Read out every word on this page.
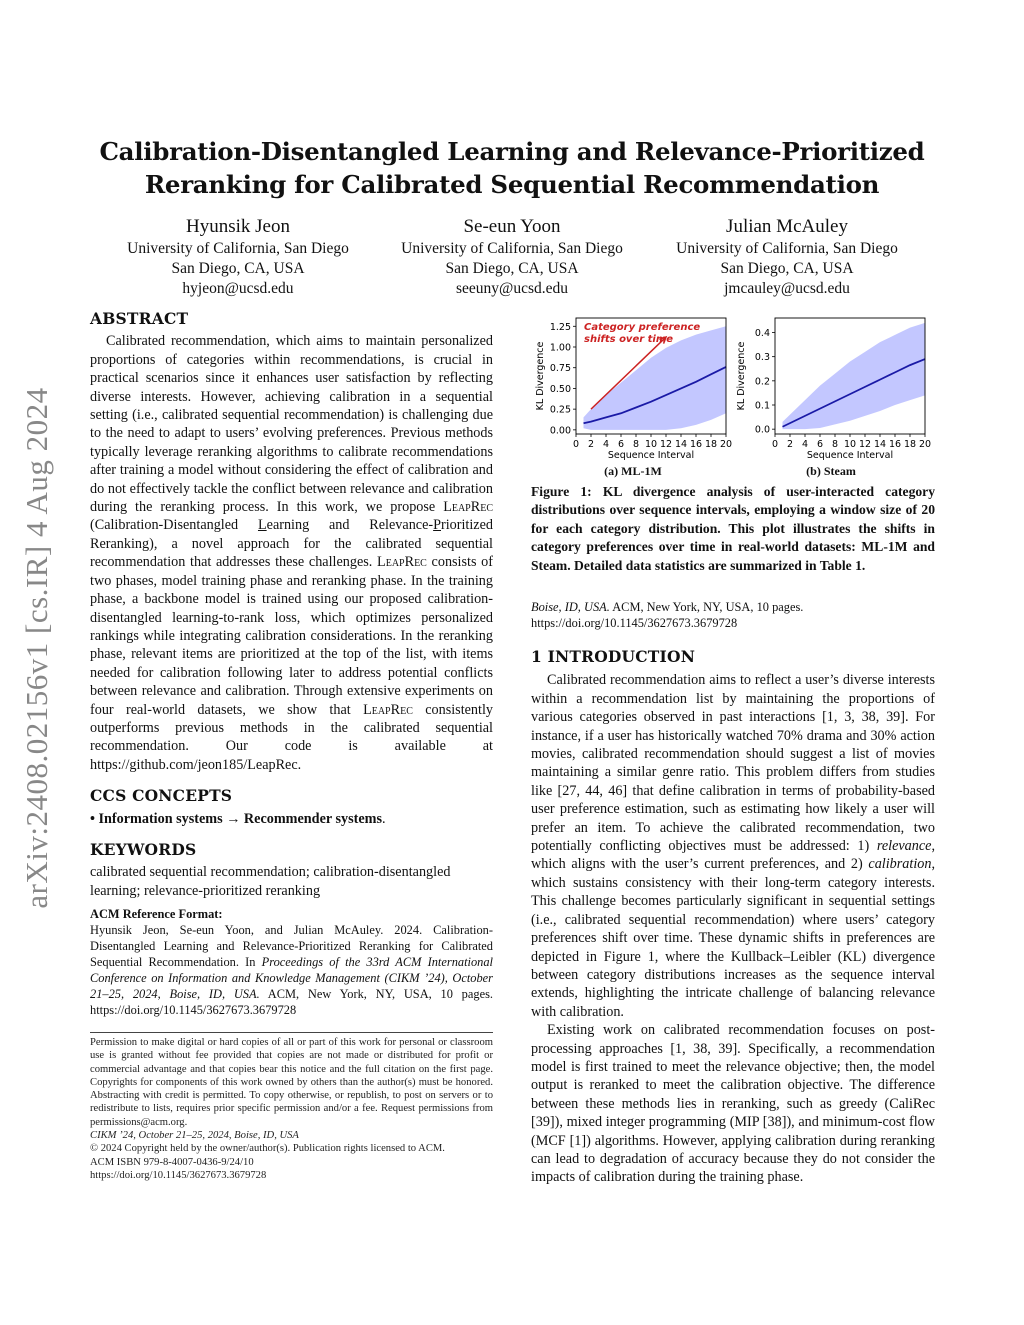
arXiv:2408.02156v1 [cs.IR] 4 Aug 2024
Calibration-Disentangled Learning and Relevance-Prioritized
Reranking for Calibrated Sequential Recommendation
Hyunsik Jeon
University of California, San Diego
San Diego, CA, USA
hyjeon@ucsd.edu
Se-eun Yoon
University of California, San Diego
San Diego, CA, USA
seeuny@ucsd.edu
Julian McAuley
University of California, San Diego
San Diego, CA, USA
jmcauley@ucsd.edu
ABSTRACT

Calibrated recommendation, which aims to maintain personalized proportions of categories within recommendations, is crucial in practical scenarios since it enhances user satisfaction by reflecting diverse interests. However, achieving calibration in a sequential setting (i.e., calibrated sequential recommendation) is challenging due to the need to adapt to users’ evolving preferences. Previous methods typically leverage reranking algorithms to calibrate recommendations after training a model without considering the effect of calibration and do not effectively tackle the conflict between relevance and calibration during the reranking process. In this work, we propose LeapRec (Calibration-Disentangled Learning and Relevance-Prioritized Reranking), a novel approach for the calibrated sequential recommendation that addresses these challenges. LeapRec consists of two phases, model training phase and reranking phase. In the training phase, a backbone model is trained using our proposed calibration-disentangled learning-to-rank loss, which optimizes personalized rankings while integrating calibration considerations. In the reranking phase, relevant items are prioritized at the top of the list, with items needed for calibration following later to address potential conflicts between relevance and calibration. Through extensive experiments on four real-world datasets, we show that LeapRec consistently outperforms previous methods in the calibrated sequential recommendation. Our code is available at https://github.com/jeon185/LeapRec.

CCS CONCEPTS

• Information systems → Recommender systems.

KEYWORDS

calibrated sequential recommendation; calibration-disentangled learning; relevance-prioritized reranking

ACM Reference Format:
Hyunsik Jeon, Se-eun Yoon, and Julian McAuley. 2024. Calibration-Disentangled Learning and Relevance-Prioritized Reranking for Calibrated Sequential Recommendation. In Proceedings of the 33rd ACM International Conference on Information and Knowledge Management (CIKM ’24), October 21–25, 2024, Boise, ID, USA. ACM, New York, NY, USA, 10 pages. https://doi.org/10.1145/3627673.3679728
Permission to make digital or hard copies of all or part of this work for personal or classroom use is granted without fee provided that copies are not made or distributed for profit or commercial advantage and that copies bear this notice and the full citation on the first page. Copyrights for components of this work owned by others than the author(s) must be honored. Abstracting with credit is permitted. To copy otherwise, or republish, to post on servers or to redistribute to lists, requires prior specific permission and/or a fee. Request permissions from permissions@acm.org.
CIKM ’24, October 21–25, 2024, Boise, ID, USA
© 2024 Copyright held by the owner/author(s). Publication rights licensed to ACM.
ACM ISBN 979-8-4007-0436-9/24/10
https://doi.org/10.1145/3627673.3679728
0.00
0.25
0.50
0.75
1.00
1.25
0 2 4 6 8 10 12 14 16 18 20
Sequence Interval
KL Divergence
Category preference
shifts over time
0.0
0.1
0.2
0.3
0.4
0 2 4 6 8 10 12 14 16 18 20
Sequence Interval
KL Divergence
(a) ML-1M	(b) Steam
Figure 1: KL divergence analysis of user-interacted category distributions over sequence intervals, employing a window size of 20 for each category distribution. This plot illustrates the shifts in category preferences over time in real-world datasets: ML-1M and Steam. Detailed data statistics are summarized in Table 1.
Boise, ID, USA. ACM, New York, NY, USA, 10 pages. https://doi.org/10.1145/3627673.3679728
1 INTRODUCTION

Calibrated recommendation aims to reflect a user’s diverse interests within a recommendation list by maintaining the proportions of various categories observed in past interactions [1, 3, 38, 39]. For instance, if a user has historically watched 70% drama and 30% action movies, calibrated recommendation should suggest a list of movies maintaining a similar genre ratio. This problem differs from studies like [27, 44, 46] that define calibration in terms of probability-based user preference estimation, such as estimating how likely a user will prefer an item. To achieve the calibrated recommendation, two potentially conflicting objectives must be addressed: 1) relevance, which aligns with the user’s current preferences, and 2) calibration, which sustains consistency with their long-term category interests. This challenge becomes particularly significant in sequential settings (i.e., calibrated sequential recommendation) where users’ category preferences shift over time. These dynamic shifts in preferences are depicted in Figure 1, where the Kullback–Leibler (KL) divergence between category distributions increases as the sequence interval extends, highlighting the intricate challenge of balancing relevance with calibration.

Existing work on calibrated recommendation focuses on post-processing approaches [1, 38, 39]. Specifically, a recommendation model is first trained to meet the relevance objective; then, the model output is reranked to meet the calibration objective. The difference between these methods lies in reranking, such as greedy (CaliRec [39]), mixed integer programming (MIP [38]), and minimum-cost flow (MCF [1]) algorithms. However, applying calibration during reranking can lead to degradation of accuracy because they do not consider the impacts of calibration during the training phase.
